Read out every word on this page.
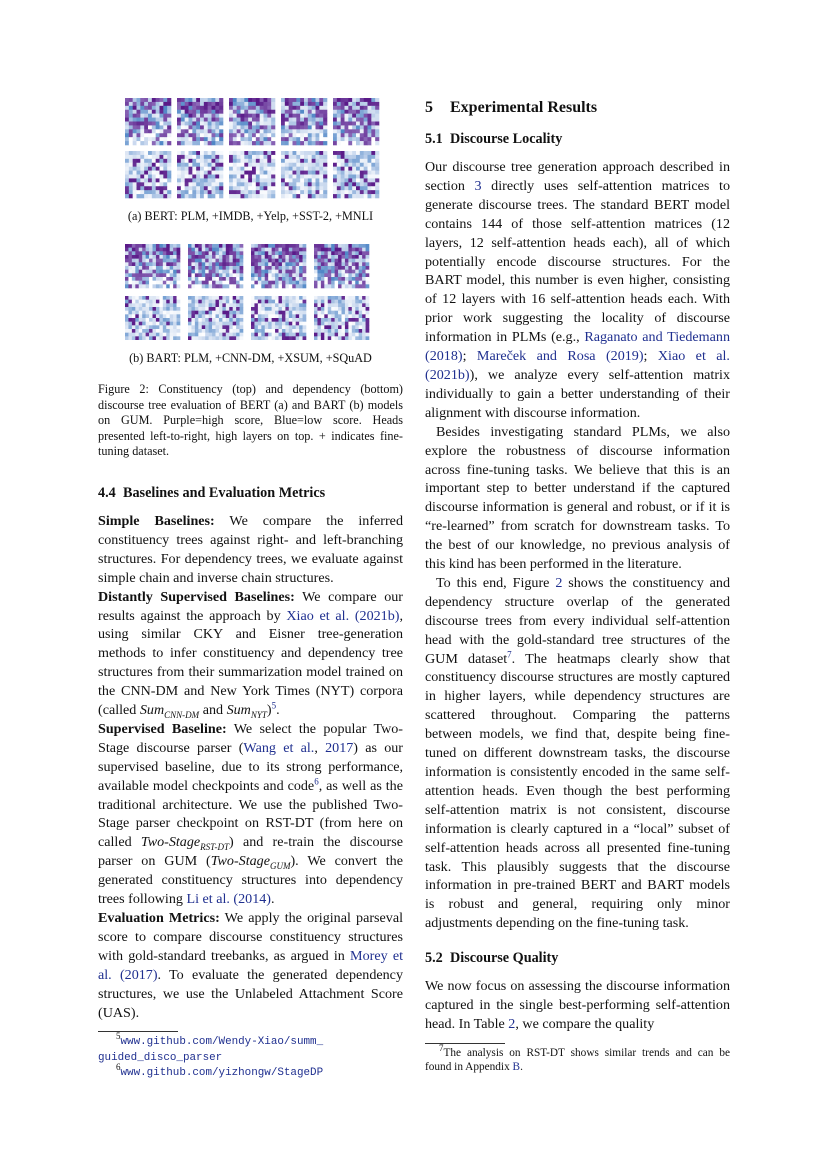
(a) BERT: PLM, +IMDB, +Yelp, +SST-2, +MNLI

(b) BART: PLM, +CNN-DM, +XSUM, +SQuAD

Figure 2: Constituency (top) and dependency (bottom) discourse tree evaluation of BERT (a) and BART (b) models on GUM. Purple=high score, Blue=low score. Heads presented left-to-right, high layers on top. + indicates fine-tuning dataset.

4.4 Baselines and Evaluation Metrics

Simple Baselines: We compare the inferred constituency trees against right- and left-branching structures. For dependency trees, we evaluate against simple chain and inverse chain structures.

Distantly Supervised Baselines: We compare our results against the approach by Xiao et al. (2021b), using similar CKY and Eisner tree-generation methods to infer constituency and dependency tree structures from their summarization model trained on the CNN-DM and New York Times (NYT) corpora (called Sum$_{CNN-DM}$ and Sum$_{NYT}$)$^5$.

Supervised Baseline: We select the popular Two-Stage discourse parser (Wang et al., 2017) as our supervised baseline, due to its strong performance, available model checkpoints and code$^6$, as well as the traditional architecture. We use the published Two-Stage parser checkpoint on RST-DT (from here on called Two-Stage$_{RST-DT}$) and re-train the discourse parser on GUM (Two-Stage$_{GUM}$). We convert the generated constituency structures into dependency trees following Li et al. (2014).

Evaluation Metrics: We apply the original parseval score to compare discourse constituency structures with gold-standard treebanks, as argued in Morey et al. (2017). To evaluate the generated dependency structures, we use the Unlabeled Attachment Score (UAS).

$^5$www.github.com/Wendy-Xiao/summ_
guided_disco_parser

$^6$www.github.com/yizhongw/StageDP

5 Experimental Results
5.1 Discourse Locality

Our discourse tree generation approach described in section 3 directly uses self-attention matrices to generate discourse trees. The standard BERT model contains 144 of those self-attention matrices (12 layers, 12 self-attention heads each), all of which potentially encode discourse structures. For the BART model, this number is even higher, consisting of 12 layers with 16 self-attention heads each. With prior work suggesting the locality of discourse information in PLMs (e.g., Raganato and Tiedemann (2018); Mareček and Rosa (2019); Xiao et al. (2021b)), we analyze every self-attention matrix individually to gain a better understanding of their alignment with discourse information.

Besides investigating standard PLMs, we also explore the robustness of discourse information across fine-tuning tasks. We believe that this is an important step to better understand if the captured discourse information is general and robust, or if it is “re-learned” from scratch for downstream tasks. To the best of our knowledge, no previous analysis of this kind has been performed in the literature.

To this end, Figure 2 shows the constituency and dependency structure overlap of the generated discourse trees from every individual self-attention head with the gold-standard tree structures of the GUM dataset$^7$. The heatmaps clearly show that constituency discourse structures are mostly captured in higher layers, while dependency structures are scattered throughout. Comparing the patterns between models, we find that, despite being fine-tuned on different downstream tasks, the discourse information is consistently encoded in the same self-attention heads. Even though the best performing self-attention matrix is not consistent, discourse information is clearly captured in a “local” subset of self-attention heads across all presented fine-tuning task. This plausibly suggests that the discourse information in pre-trained BERT and BART models is robust and general, requiring only minor adjustments depending on the fine-tuning task.

5.2 Discourse Quality

We now focus on assessing the discourse information captured in the single best-performing self-attention head. In Table 2, we compare the quality

$^7$The analysis on RST-DT shows similar trends and can be found in Appendix B.
